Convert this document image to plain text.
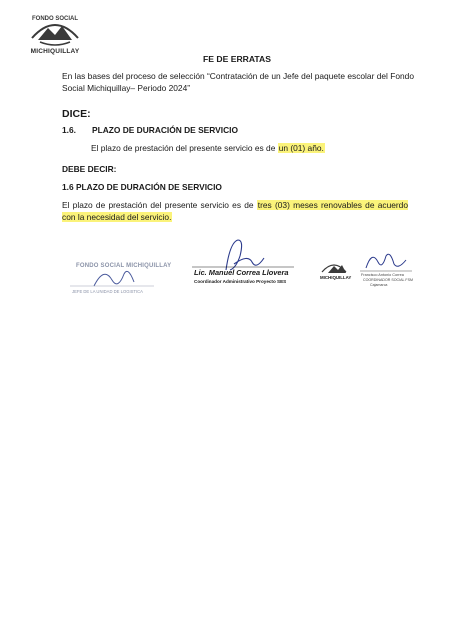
FONDO SOCIAL
MICHIQUILLAY
FE DE ERRATAS
En las bases del proceso de selección “Contratación de un Jefe del paquete escolar del Fondo Social Michiquillay– Periodo 2024”
DICE:
1.6. PLAZO DE DURACIÓN DE SERVICIO
El plazo de prestación del presente servicio es de un (01) año.
DEBE DECIR:
1.6 PLAZO DE DURACIÓN DE SERVICIO
El plazo de prestación del presente servicio es de tres (03) meses renovables de acuerdo con la necesidad del servicio.
FONDO SOCIAL MICHIQUILLAY
JEFE DE LA UNIDAD DE LOGISTICA
Lic. Manuel Correa Llovera
Coordinador Administrativo Proyecto SES
MICHIQUILLAY	Francisco Antonio Correa
COORDINADOR SOCIAL FSM
Cajamarca
